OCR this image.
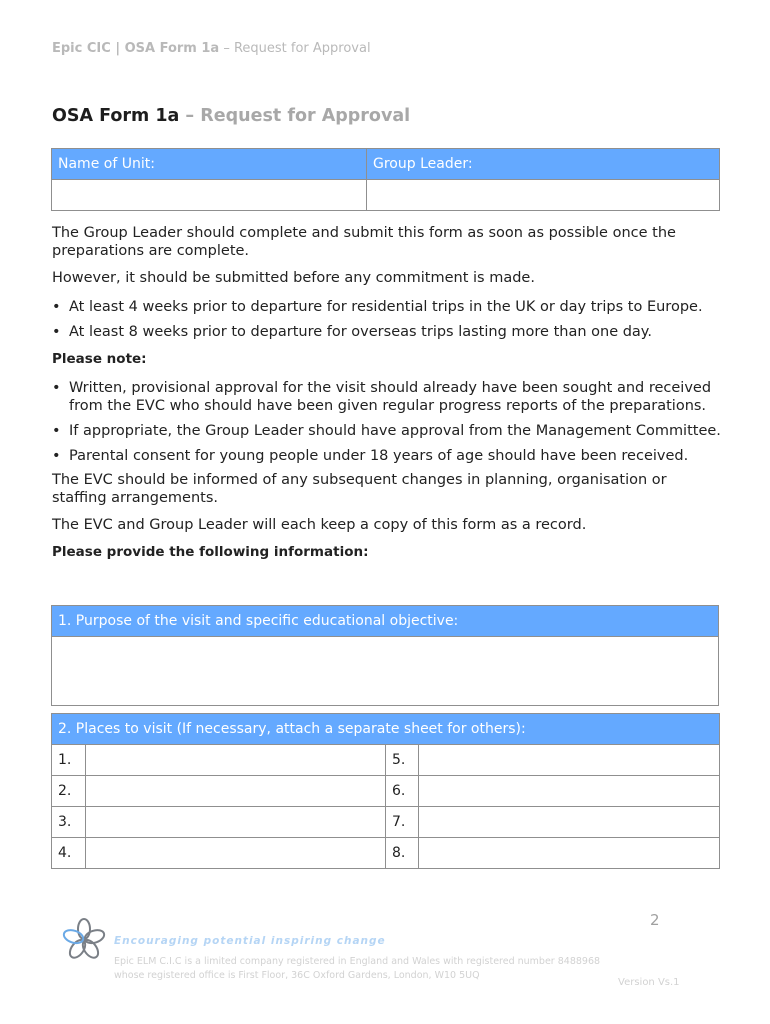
Epic CIC | OSA Form 1a – Request for Approval
OSA Form 1a – Request for Approval
Name of Unit:	Group Leader:

The Group Leader should complete and submit this form as soon as possible once the preparations are complete.

However, it should be submitted before any commitment is made.

• At least 4 weeks prior to departure for residential trips in the UK or day trips to Europe.

• At least 8 weeks prior to departure for overseas trips lasting more than one day.

Please note:

• Written, provisional approval for the visit should already have been sought and received from the EVC who should have been given regular progress reports of the preparations.

• If appropriate, the Group Leader should have approval from the Management Committee.

• Parental consent for young people under 18 years of age should have been received.

The EVC should be informed of any subsequent changes in planning, organisation or staffing arrangements.

The EVC and Group Leader will each keep a copy of this form as a record.

Please provide the following information:

1. Purpose of the visit and specific educational objective:

2. Places to visit (If necessary, attach a separate sheet for others):			
1.		5.	
2.		6.	
3.		7.	
4.		8.	
2
Encouraging potential inspiring change
Epic ELM C.I.C is a limited company registered in England and Wales with registered number 8488968
whose registered office is First Floor, 36C Oxford Gardens, London, W10 5UQ
Version Vs.1
